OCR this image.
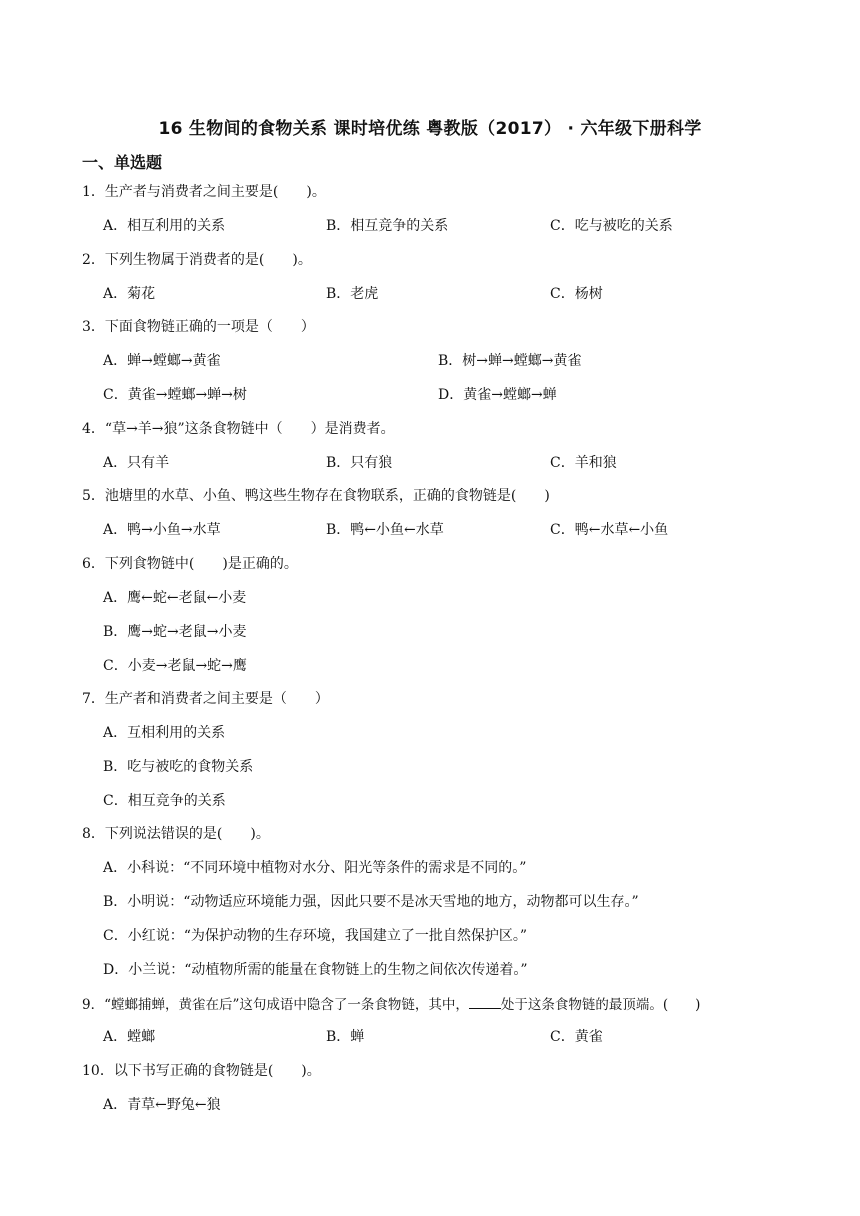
16 生物间的食物关系 课时培优练 粤教版（2017） · 六年级下册科学
一、单选题
1．生产者与消费者之间主要是(　　)。
A．相互利用的关系	B．相互竞争的关系	C．吃与被吃的关系
2．下列生物属于消费者的是(　　)。
A．菊花	B．老虎	C．杨树
3．下面食物链正确的一项是（　　）
A．蝉→螳螂→黄雀	B．树→蝉→螳螂→黄雀
C．黄雀→螳螂→蝉→树	D．黄雀→螳螂→蝉
4．“草→羊→狼”这条食物链中（　　）是消费者。
A．只有羊	B．只有狼	C．羊和狼
5．池塘里的水草、小鱼、鸭这些生物存在食物联系，正确的食物链是(　　)
A．鸭→小鱼→水草	B．鸭←小鱼←水草	C．鸭←水草←小鱼
6．下列食物链中(　　)是正确的。
A．鹰←蛇←老鼠←小麦
B．鹰→蛇→老鼠→小麦
C．小麦→老鼠→蛇→鹰
7．生产者和消费者之间主要是（　　）
A．互相利用的关系
B．吃与被吃的食物关系
C．相互竞争的关系
8．下列说法错误的是(　　)。
A．小科说：“不同环境中植物对水分、阳光等条件的需求是不同的。”
B．小明说：“动物适应环境能力强，因此只要不是冰天雪地的地方，动物都可以生存。”
C．小红说：“为保护动物的生存环境，我国建立了一批自然保护区。”
D．小兰说：“动植物所需的能量在食物链上的生物之间依次传递着。”
9．“螳螂捕蝉，黄雀在后”这句成语中隐含了一条食物链，其中， 处于这条食物链的最顶端。(　　)
A．螳螂	B．蝉	C．黄雀
10．以下书写正确的食物链是(　　)。
A．青草←野兔←狼
